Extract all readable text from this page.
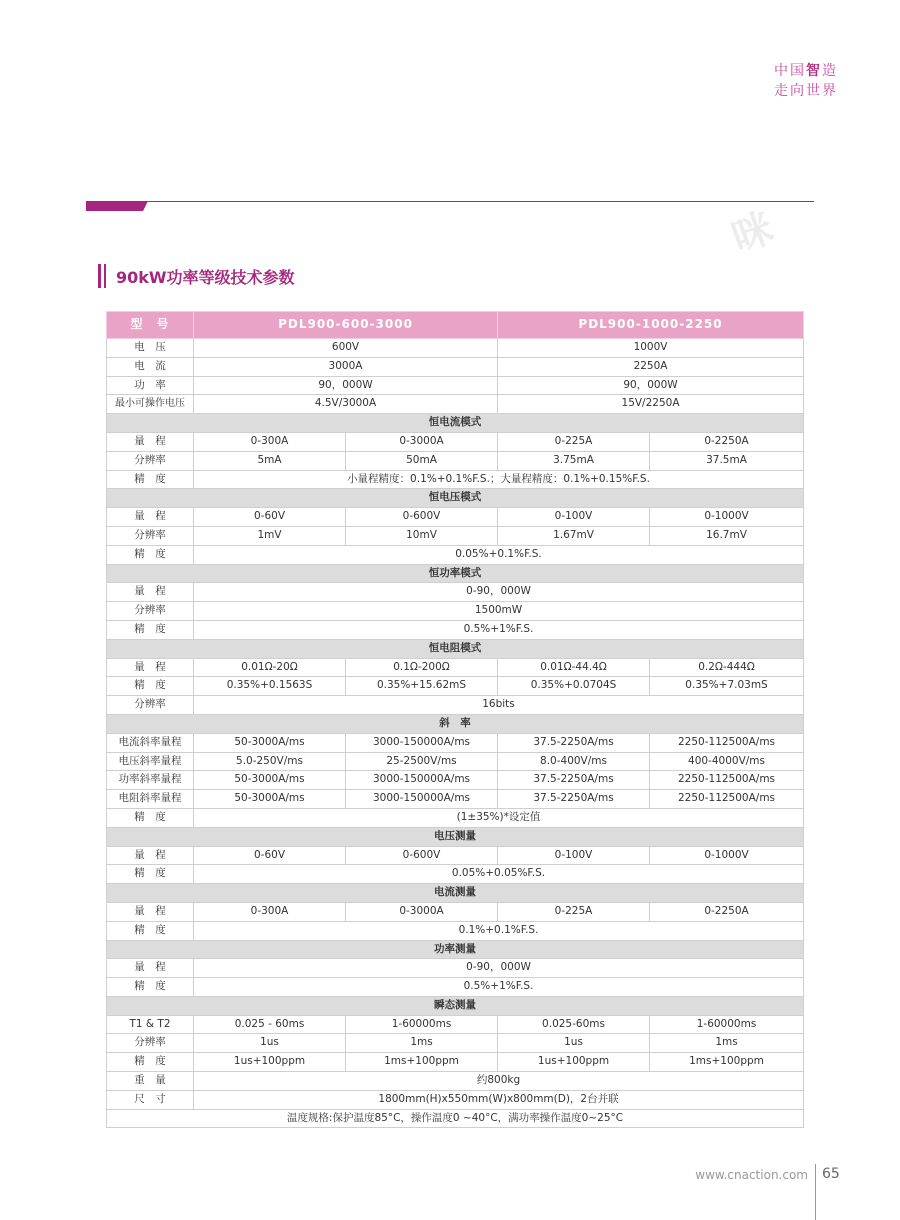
中国智造
走向世界
咪
90kW功率等级技术参数
型　号	PDL900-600-3000		PDL900-1000-2250	
电　压	600V		1000V	
电　流	3000A		2250A	
功　率	90，000W		90，000W	
最小可操作电压	4.5V/3000A		15V/2250A	
恒电流模式				
量　程	0-300A	0-3000A	0-225A	0-2250A
分辨率	5mA	50mA	3.75mA	37.5mA
精　度	小量程精度：0.1%+0.1%F.S.；大量程精度：0.1%+0.15%F.S.			
恒电压模式				
量　程	0-60V	0-600V	0-100V	0-1000V
分辨率	1mV	10mV	1.67mV	16.7mV
精　度	0.05%+0.1%F.S.			
恒功率模式				
量　程	0-90，000W			
分辨率	1500mW			
精　度	0.5%+1%F.S.			
恒电阻模式				
量　程	0.01Ω-20Ω	0.1Ω-200Ω	0.01Ω-44.4Ω	0.2Ω-444Ω
精　度	0.35%+0.1563S	0.35%+15.62mS	0.35%+0.0704S	0.35%+7.03mS
分辨率	16bits			
斜　率				
电流斜率量程	50-3000A/ms	3000-150000A/ms	37.5-2250A/ms	2250-112500A/ms
电压斜率量程	5.0-250V/ms	25-2500V/ms	8.0-400V/ms	400-4000V/ms
功率斜率量程	50-3000A/ms	3000-150000A/ms	37.5-2250A/ms	2250-112500A/ms
电阻斜率量程	50-3000A/ms	3000-150000A/ms	37.5-2250A/ms	2250-112500A/ms
精　度	(1±35%)*设定值			
电压测量				
量　程	0-60V	0-600V	0-100V	0-1000V
精　度	0.05%+0.05%F.S.			
电流测量				
量　程	0-300A	0-3000A	0-225A	0-2250A
精　度	0.1%+0.1%F.S.			
功率测量				
量　程	0-90，000W			
精　度	0.5%+1%F.S.			
瞬态测量				
T1 & T2	0.025 - 60ms	1-60000ms	0.025-60ms	1-60000ms
分辨率	1us	1ms	1us	1ms
精　度	1us+100ppm	1ms+100ppm	1us+100ppm	1ms+100ppm
重　量	约800kg			
尺　寸	1800mm(H)x550mm(W)x800mm(D)，2台并联			
温度规格:保护温度85°C，操作温度0 ~40°C，满功率操作温度0~25°C				
www.cnaction.com 65
